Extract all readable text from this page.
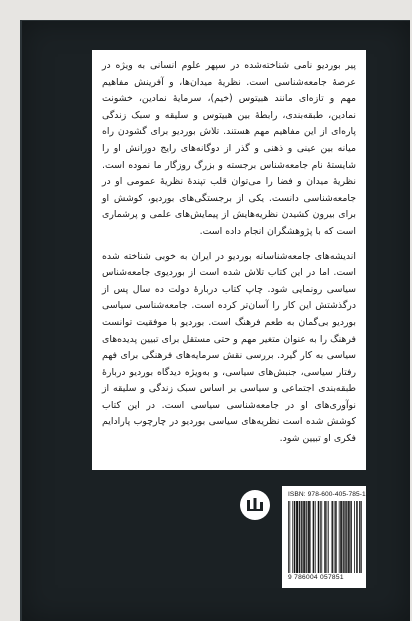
پیر بوردیو نامی شناخته‌شده در سپهر علوم انسانی به ویژه در عرصهٔ جامعه‌شناسی است. نظریهٔ میدان‌ها، و آفرینش مفاهیم مهم و تازه‌ای مانند هبیتوس (خیم)، سرمایهٔ نمادین، خشونت نمادین، طبقه‌بندی، رابطهٔ بین هبیتوس و سلیقه و سبک زندگی پاره‌ای از این مفاهیم مهم هستند. تلاش بوردیو برای گشودن راه میانه بین عینی و ذهنی و گذر از دوگانه‌های رایج دورانش او را شایستهٔ نام جامعه‌شناس برجسته و بزرگ روزگار ما نموده است. نظریهٔ میدان و فضا را می‌توان قلب تپندهٔ نظریهٔ عمومی او در جامعه‌شناسی دانست. یکی از برجستگی‌های بوردیو، کوشش او برای بیرون کشیدن نظریه‌هایش از پیمایش‌های علمی و پرشماری است که با پژوهشگران انجام داده است.

اندیشه‌های جامعه‌شناسانه بوردیو در ایران به خوبی شناخته شده است. اما در این کتاب تلاش شده است از بوردیوی جامعه‌شناس سیاسی رونمایی شود. چاپ کتاب دربارهٔ دولت ده سال پس از درگذشتش این کار را آسان‌تر کرده است. جامعه‌شناسی سیاسی بوردیو بی‌گمان به طعم فرهنگ است. بوردیو با موفقیت توانست فرهنگ را به عنوان متغیر مهم و حتی مستقل برای تبیین پدیده‌های سیاسی به کار گیرد. بررسی نقش سرمایه‌های فرهنگی برای فهم رفتار سیاسی، جنبش‌های سیاسی، و به‌ویژه دیدگاه بوردیو دربارهٔ طبقه‌بندی اجتماعی و سیاسی بر اساس سبک زندگی و سلیقه از نوآوری‌های او در جامعه‌شناسی سیاسی است. در این کتاب کوشش شده است نظریه‌های سیاسی بوردیو در چارچوب پارادایم فکری او تبیین شود.

ISBN: 978-600-405-785-1
9 786004 057851
